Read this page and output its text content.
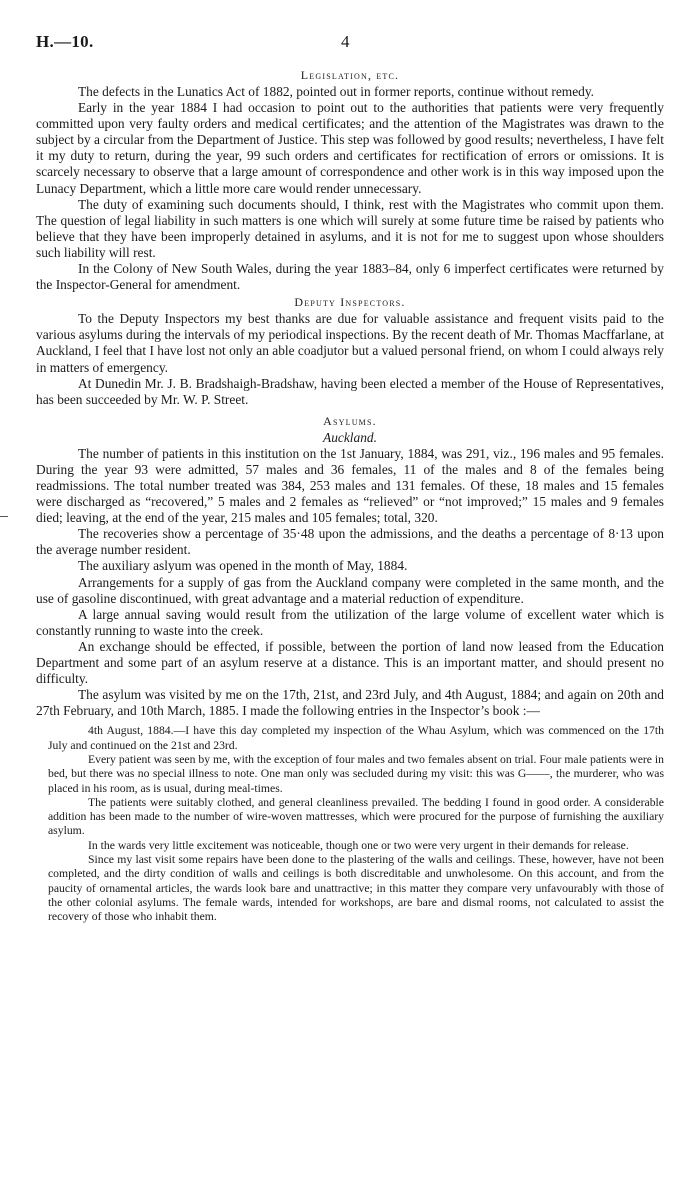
H.—10.	4
Legislation, etc.

The defects in the Lunatics Act of 1882, pointed out in former reports, continue without remedy.

Early in the year 1884 I had occasion to point out to the authorities that patients were very frequently committed upon very faulty orders and medical certificates; and the attention of the Magistrates was drawn to the subject by a circular from the Department of Justice. This step was followed by good results; nevertheless, I have felt it my duty to return, during the year, 99 such orders and certificates for rectification of errors or omissions. It is scarcely necessary to observe that a large amount of correspondence and other work is in this way imposed upon the Lunacy Department, which a little more care would render unnecessary.

The duty of examining such documents should, I think, rest with the Magistrates who commit upon them. The question of legal liability in such matters is one which will surely at some future time be raised by patients who believe that they have been improperly detained in asylums, and it is not for me to suggest upon whose shoulders such liability will rest.

In the Colony of New South Wales, during the year 1883–84, only 6 imperfect certificates were returned by the Inspector-General for amendment.

Deputy Inspectors.

To the Deputy Inspectors my best thanks are due for valuable assistance and frequent visits paid to the various asylums during the intervals of my periodical inspections. By the recent death of Mr. Thomas Macffarlane, at Auckland, I feel that I have lost not only an able coadjutor but a valued personal friend, on whom I could always rely in matters of emergency.

At Dunedin Mr. J. B. Bradshaigh-Bradshaw, having been elected a member of the House of Representatives, has been succeeded by Mr. W. P. Street.

Asylums.
Auckland.

The number of patients in this institution on the 1st January, 1884, was 291, viz., 196 males and 95 females. During the year 93 were admitted, 57 males and 36 females, 11 of the males and 8 of the females being readmissions. The total number treated was 384, 253 males and 131 females. Of these, 18 males and 15 females were discharged as “recovered,” 5 males and 2 females as “relieved” or “not improved;” 15 males and 9 females died; leaving, at the end of the year, 215 males and 105 females; total, 320.

The recoveries show a percentage of 35·48 upon the admissions, and the deaths a percentage of 8·13 upon the average number resident.

The auxiliary aslyum was opened in the month of May, 1884.

Arrangements for a supply of gas from the Auckland company were completed in the same month, and the use of gasoline discontinued, with great advantage and a material reduction of expenditure.

A large annual saving would result from the utilization of the large volume of excellent water which is constantly running to waste into the creek.

An exchange should be effected, if possible, between the portion of land now leased from the Education Department and some part of an asylum reserve at a distance. This is an important matter, and should present no difficulty.

The asylum was visited by me on the 17th, 21st, and 23rd July, and 4th August, 1884; and again on 20th and 27th February, and 10th March, 1885. I made the following entries in the Inspector’s book :—

4th August, 1884.—I have this day completed my inspection of the Whau Asylum, which was commenced on the 17th July and continued on the 21st and 23rd.

Every patient was seen by me, with the exception of four males and two females absent on trial. Four male patients were in bed, but there was no special illness to note. One man only was secluded during my visit: this was G——, the murderer, who was placed in his room, as is usual, during meal-times.

The patients were suitably clothed, and general cleanliness prevailed. The bedding I found in good order. A considerable addition has been made to the number of wire-woven mattresses, which were procured for the purpose of furnishing the auxiliary asylum.

In the wards very little excitement was noticeable, though one or two were very urgent in their demands for release.

Since my last visit some repairs have been done to the plastering of the walls and ceilings. These, however, have not been completed, and the dirty condition of walls and ceilings is both discreditable and unwholesome. On this account, and from the paucity of ornamental articles, the wards look bare and unattractive; in this matter they compare very unfavourably with those of the other colonial asylums. The female wards, intended for workshops, are bare and dismal rooms, not calculated to assist the recovery of those who inhabit them.
